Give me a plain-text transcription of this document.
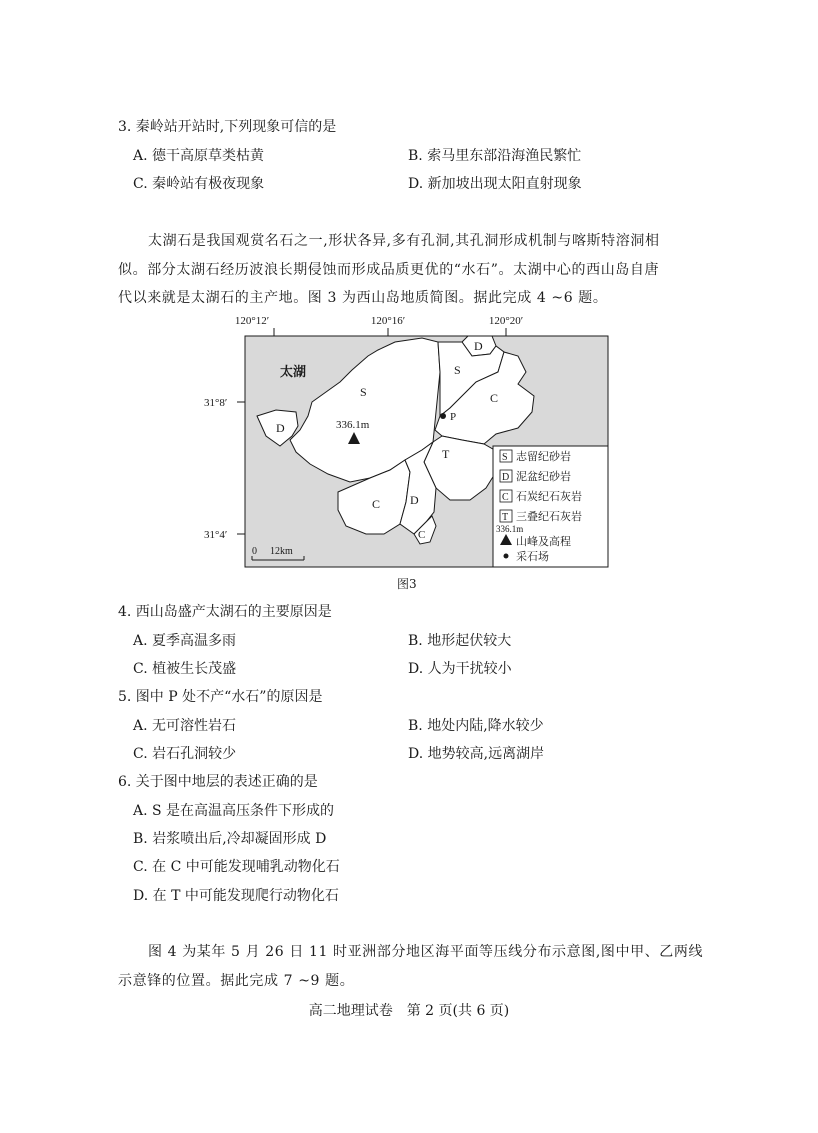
3. 秦岭站开站时,下列现象可信的是
A. 德干高原草类枯黄	B. 索马里东部沿海渔民繁忙
C. 秦岭站有极夜现象	D. 新加坡出现太阳直射现象
太湖石是我国观赏名石之一,形状各异,多有孔洞,其孔洞形成机制与喀斯特溶洞相
似。部分太湖石经历波浪长期侵蚀而形成品质更优的“水石”。太湖中心的西山岛自唐
代以来就是太湖石的主产地。图 3 为西山岛地质简图。据此完成 4 ~6 题。
120°12′	120°16′	120°20′
31°8′
31°4′
太湖
S
S
C
C
C
D
D
D
T
336.1m
P
0 12km
S 志留纪砂岩
D 泥盆纪砂岩
C 石炭纪石灰岩
T 三叠纪石灰岩
336.1m
山峰及高程
采石场
图3
4. 西山岛盛产太湖石的主要原因是
A. 夏季高温多雨	B. 地形起伏较大
C. 植被生长茂盛	D. 人为干扰较小
5. 图中 P 处不产“水石”的原因是
A. 无可溶性岩石	B. 地处内陆,降水较少
C. 岩石孔洞较少	D. 地势较高,远离湖岸
6. 关于图中地层的表述正确的是
A. S 是在高温高压条件下形成的
B. 岩浆喷出后,冷却凝固形成 D
C. 在 C 中可能发现哺乳动物化石
D. 在 T 中可能发现爬行动物化石
图 4 为某年 5 月 26 日 11 时亚洲部分地区海平面等压线分布示意图,图中甲、乙两线
示意锋的位置。据此完成 7 ~9 题。
高二地理试卷　第 2 页(共 6 页)
